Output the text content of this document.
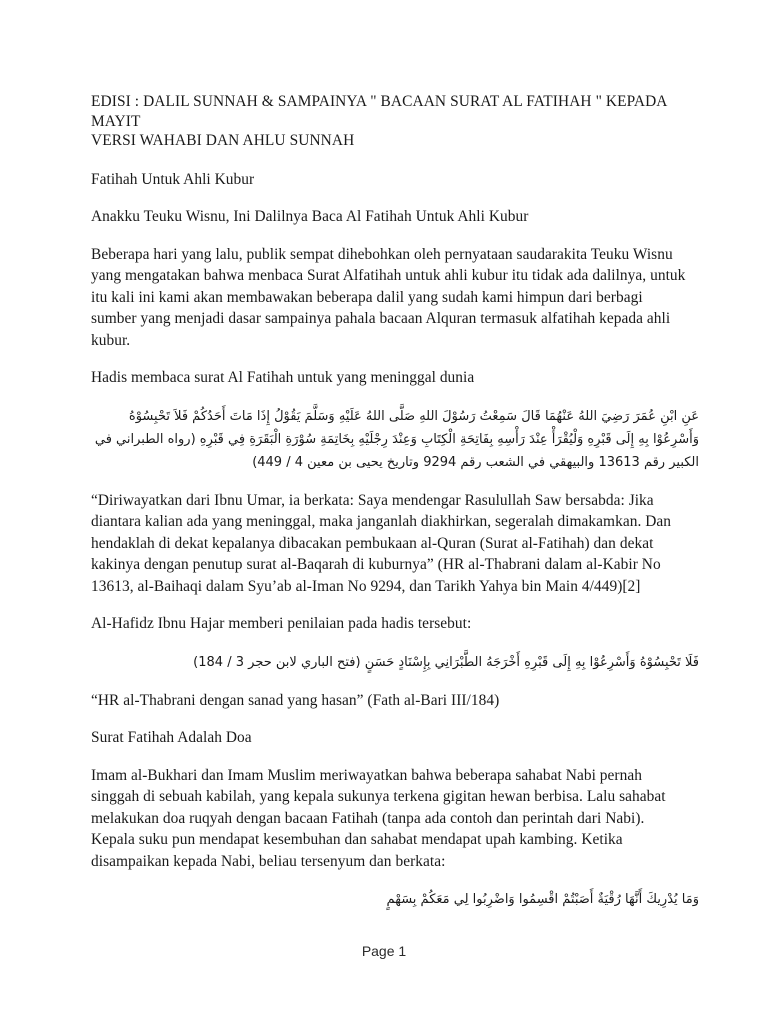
EDISI : DALIL SUNNAH & SAMPAINYA " BACAAN SURAT AL FATIHAH " KEPADA MAYIT
VERSI WAHABI DAN AHLU SUNNAH

Fatihah Untuk Ahli Kubur

Anakku Teuku Wisnu, Ini Dalilnya Baca Al Fatihah Untuk Ahli Kubur

Beberapa hari yang lalu, publik sempat dihebohkan oleh pernyataan saudarakita Teuku Wisnu yang mengatakan bahwa menbaca Surat Alfatihah untuk ahli kubur itu tidak ada dalilnya, untuk itu kali ini kami akan membawakan beberapa dalil yang sudah kami himpun dari berbagi sumber yang menjadi dasar sampainya pahala bacaan Alquran termasuk alfatihah kepada ahli kubur.

Hadis membaca surat Al Fatihah untuk yang meninggal dunia

عَنِ ابْنِ عُمَرَ رَضِيَ اللهُ عَنْهُمَا قَالَ سَمِعْتُ رَسُوْلَ اللهِ صَلَّى اللهُ عَلَيْهِ وَسَلَّمَ يَقُوْلُ إِذَا مَاتَ أَحَدُكُمْ فَلاَ تَحْبِسُوْهُ وَأَسْرِعُوْا بِهِ إِلَى قَبْرِهِ وَلْيُقْرَأْ عِنْدَ رَأْسِهِ بِفَاتِحَةِ الْكِتَابِ وَعِنْدَ رِجْلَيْهِ بِخَاتِمَةِ سُوْرَةِ الْبَقَرَةِ فِي قَبْرِهِ (رواه الطبراني في الكبير رقم 13613 والبيهقي في الشعب رقم 9294 وتاريخ يحيى بن معين 4 / 449)

“Diriwayatkan dari Ibnu Umar, ia berkata: Saya mendengar Rasulullah Saw bersabda: Jika diantara kalian ada yang meninggal, maka janganlah diakhirkan, segeralah dimakamkan. Dan hendaklah di dekat kepalanya dibacakan pembukaan al-Quran (Surat al-Fatihah) dan dekat kakinya dengan penutup surat al-Baqarah di kuburnya” (HR al-Thabrani dalam al-Kabir No 13613, al-Baihaqi dalam Syu’ab al-Iman No 9294, dan Tarikh Yahya bin Main 4/449)[2]

Al-Hafidz Ibnu Hajar memberi penilaian pada hadis tersebut:

فَلَا تَحْبِسُوْهُ وَأَسْرِعُوْا بِهِ إِلَى قَبْرِهِ أَخْرَجَهُ الطَّبْرَانِي بِإِسْنَادٍ حَسَنٍ (فتح الباري لابن حجر 3 / 184)

“HR al-Thabrani dengan sanad yang hasan” (Fath al-Bari III/184)

Surat Fatihah Adalah Doa

Imam al-Bukhari dan Imam Muslim meriwayatkan bahwa beberapa sahabat Nabi pernah singgah di sebuah kabilah, yang kepala sukunya terkena gigitan hewan berbisa. Lalu sahabat melakukan doa ruqyah dengan bacaan Fatihah (tanpa ada contoh dan perintah dari Nabi). Kepala suku pun mendapat kesembuhan dan sahabat mendapat upah kambing. Ketika disampaikan kepada Nabi, beliau tersenyum dan berkata:

وَمَا يُدْرِيكَ أَنَّهَا رُقْيَةٌ أَصَبْتُمْ اقْسِمُوا وَاضْرِبُوا لِي مَعَكُمْ بِسَهْمٍ
Page 1
